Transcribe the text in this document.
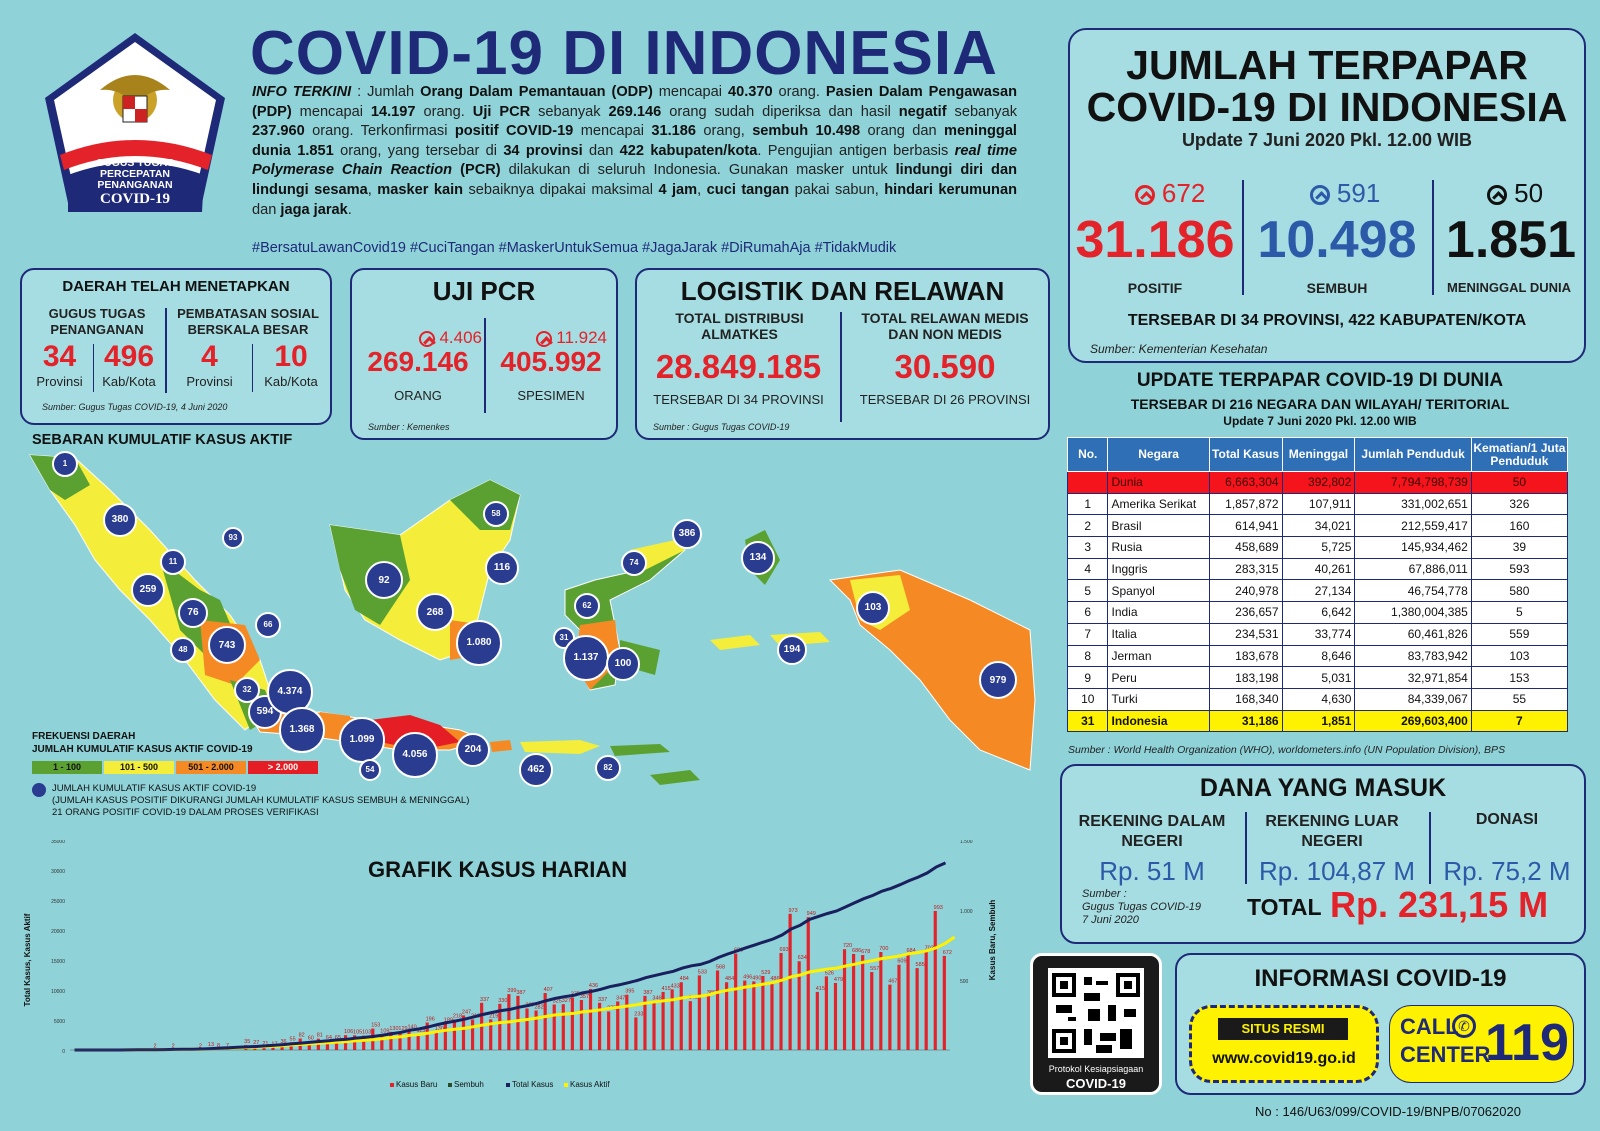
GUGUS TUGAS
PERCEPATAN
PENANGANAN
COVID-19
COVID-19 DI INDONESIA
INFO TERKINI : Jumlah Orang Dalam Pemantauan (ODP) mencapai 40.370 orang. Pasien Dalam Pengawasan (PDP) mencapai 14.197 orang. Uji PCR sebanyak 269.146 orang sudah diperiksa dan hasil negatif sebanyak 237.960 orang. Terkonfirmasi positif COVID-19 mencapai 31.186 orang, sembuh 10.498 orang dan meninggal dunia 1.851 orang, yang tersebar di 34 provinsi dan 422 kabupaten/kota. Pengujian antigen berbasis real time Polymerase Chain Reaction (PCR) dilakukan di seluruh Indonesia. Gunakan masker untuk lindungi diri dan lindungi sesama, masker kain sebaiknya dipakai maksimal 4 jam, cuci tangan pakai sabun, hindari kerumunan dan jaga jarak.
#BersatuLawanCovid19 #CuciTangan #MaskerUntukSemua #JagaJarak #DiRumahAja #TidakMudik
JUMLAH TERPAPAR
COVID-19 DI INDONESIA
Update 7 Juni 2020 Pkl. 12.00 WIB
672
31.186
POSITIF
591
10.498
SEMBUH
50
1.851
MENINGGAL DUNIA
TERSEBAR DI 34 PROVINSI, 422 KABUPATEN/KOTA
Sumber: Kementerian Kesehatan
DAERAH TELAH MENETAPKAN
GUGUS TUGAS PENANGANAN
PEMBATASAN SOSIAL BERSKALA BESAR
34
Provinsi
496
Kab/Kota
4
Provinsi
10
Kab/Kota
Sumber: Gugus Tugas COVID-19, 4 Juni 2020
UJI PCR
4.406
269.146
ORANG
11.924
405.992
SPESIMEN
Sumber : Kemenkes
LOGISTIK DAN RELAWAN
TOTAL DISTRIBUSI ALMATKES
28.849.185
TERSEBAR DI 34 PROVINSI
TOTAL RELAWAN MEDIS DAN NON MEDIS
30.590
TERSEBAR DI 26 PROVINSI
Sumber : Gugus Tugas COVID-19
SEBARAN KUMULATIF KASUS AKTIF
1
380
93
11
259
76
66
48	743
32
594
4.374
1.368
1.099
54
4.056	204
462	82
92
268
58
116
1.080
386
74
62
31
1.137
100
134
194
103
979
FREKUENSI DAERAH
JUMLAH KUMULATIF KASUS AKTIF COVID-19
1 - 100	101 - 500	501 - 2.000	> 2.000
JUMLAH KUMULATIF KASUS AKTIF COVID-19
(JUMLAH KASUS POSITIF DIKURANGI JUMLAH KUMULATIF KASUS SEMBUH & MENINGGAL)
21 ORANG POSITIF COVID-19 DALAM PROSES VERIFIKASI
GRAFIK KASUS HARIAN
35000
30000
25000
20000
15000
10000
5000
0
1.500
1.000
500
Total Kasus, Kasus Aktif	Kasus Baru, Sembuh
2	2	2 13 8 7
35 27 21 17 36 55
82
60 81 64 65
106 105 103
153
109 130 129 140
113
196
130
189
218
247
218
337
219
330
399 387
297 282
407
325 327
375 357
436
337
275
347
395
233
387
346
415 433
484
349
533
386
568
484
689
496 490
529
486
693
973
634
949
415
526
479
720
686 678
557
700
467
609
684
585
703
993
672
Kasus Baru Sembuh	Total Kasus Kasus Aktif
UPDATE TERPAPAR COVID-19 DI DUNIA
TERSEBAR DI 216 NEGARA DAN WILAYAH/ TERITORIAL
Update 7 Juni 2020 Pkl. 12.00 WIB
No.	Negara	Total Kasus	Meninggal	Jumlah Penduduk	Kematian/1 Juta Penduduk
	Dunia	6,663,304	392,802	7,794,798,739	50
1	Amerika Serikat	1,857,872	107,911	331,002,651	326
2	Brasil	614,941	34,021	212,559,417	160
3	Rusia	458,689	5,725	145,934,462	39
4	Inggris	283,315	40,261	67,886,011	593
5	Spanyol	240,978	27,134	46,754,778	580
6	India	236,657	6,642	1,380,004,385	5
7	Italia	234,531	33,774	60,461,826	559
8	Jerman	183,678	8,646	83,783,942	103
9	Peru	183,198	5,031	32,971,854	153
10	Turki	168,340	4,630	84,339,067	55
31	Indonesia	31,186	1,851	269,603,400	7
Sumber : World Health Organization (WHO), worldometers.info (UN Population Division), BPS
DANA YANG MASUK
REKENING DALAM NEGERI
Rp. 51 M
REKENING LUAR NEGERI
Rp. 104,87 M
DONASI
Rp. 75,2 M
Sumber :
Gugus Tugas COVID-19
7 Juni 2020	TOTAL Rp. 231,15 M
Protokol Kesiapsiagaan
COVID-19
INFORMASI COVID-19
SITUS RESMI
www.covid19.go.id
CALL ✆
CENTER
119
No : 146/U63/099/COVID-19/BNPB/07062020
